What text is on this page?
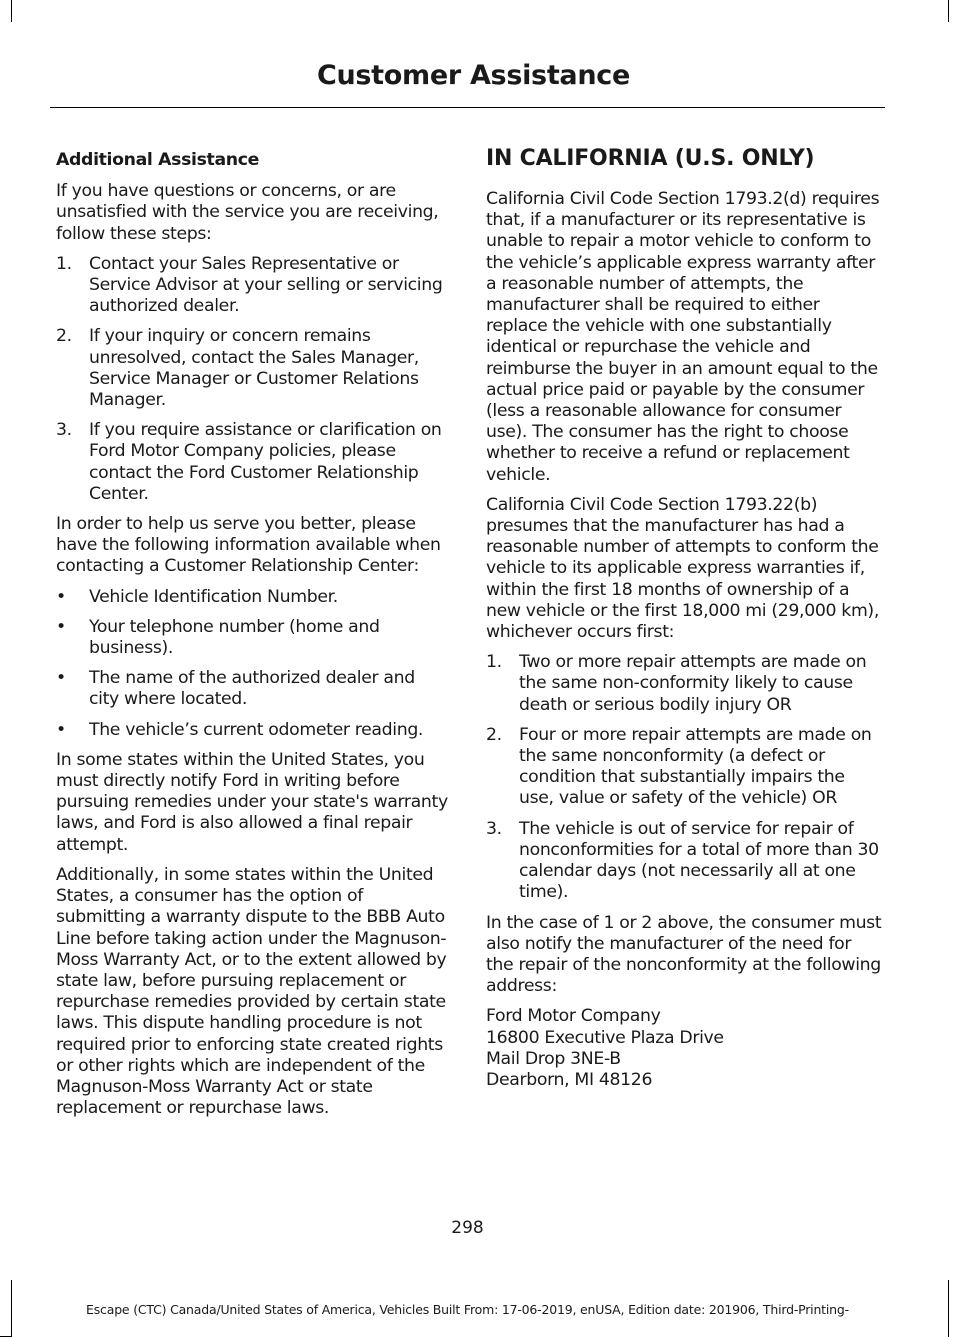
Customer Assistance
Additional Assistance

If you have questions or concerns, or are unsatisfied with the service you are receiving, follow these steps:

1. Contact your Sales Representative or Service Advisor at your selling or servicing authorized dealer.
2. If your inquiry or concern remains unresolved, contact the Sales Manager, Service Manager or Customer Relations Manager.
3. If you require assistance or clarification on Ford Motor Company policies, please contact the Ford Customer Relationship Center.

In order to help us serve you better, please have the following information available when contacting a Customer Relationship Center:

• Vehicle Identification Number.
• Your telephone number (home and business).
• The name of the authorized dealer and city where located.
• The vehicle’s current odometer reading.

In some states within the United States, you must directly notify Ford in writing before pursuing remedies under your state's warranty laws, and Ford is also allowed a final repair attempt.

Additionally, in some states within the United States, a consumer has the option of submitting a warranty dispute to the BBB Auto Line before taking action under the Magnuson-Moss Warranty Act, or to the extent allowed by state law, before pursuing replacement or repurchase remedies provided by certain state laws. This dispute handling procedure is not required prior to enforcing state created rights or other rights which are independent of the Magnuson-Moss Warranty Act or state replacement or repurchase laws.

IN CALIFORNIA (U.S. ONLY)

California Civil Code Section 1793.2(d) requires that, if a manufacturer or its representative is unable to repair a motor vehicle to conform to the vehicle’s applicable express warranty after a reasonable number of attempts, the manufacturer shall be required to either replace the vehicle with one substantially identical or repurchase the vehicle and reimburse the buyer in an amount equal to the actual price paid or payable by the consumer (less a reasonable allowance for consumer use). The consumer has the right to choose whether to receive a refund or replacement vehicle.

California Civil Code Section 1793.22(b) presumes that the manufacturer has had a reasonable number of attempts to conform the vehicle to its applicable express warranties if, within the first 18 months of ownership of a new vehicle or the first 18,000 mi (29,000 km), whichever occurs first:

1. Two or more repair attempts are made on the same non-conformity likely to cause death or serious bodily injury OR
2. Four or more repair attempts are made on the same nonconformity (a defect or condition that substantially impairs the use, value or safety of the vehicle) OR
3. The vehicle is out of service for repair of nonconformities for a total of more than 30 calendar days (not necessarily all at one time).

In the case of 1 or 2 above, the consumer must also notify the manufacturer of the need for the repair of the nonconformity at the following address:

Ford Motor Company
16800 Executive Plaza Drive
Mail Drop 3NE-B
Dearborn, MI 48126
298
Escape (CTC) Canada/United States of America, Vehicles Built From: 17-06-2019, enUSA, Edition date: 201906, Third-Printing-
